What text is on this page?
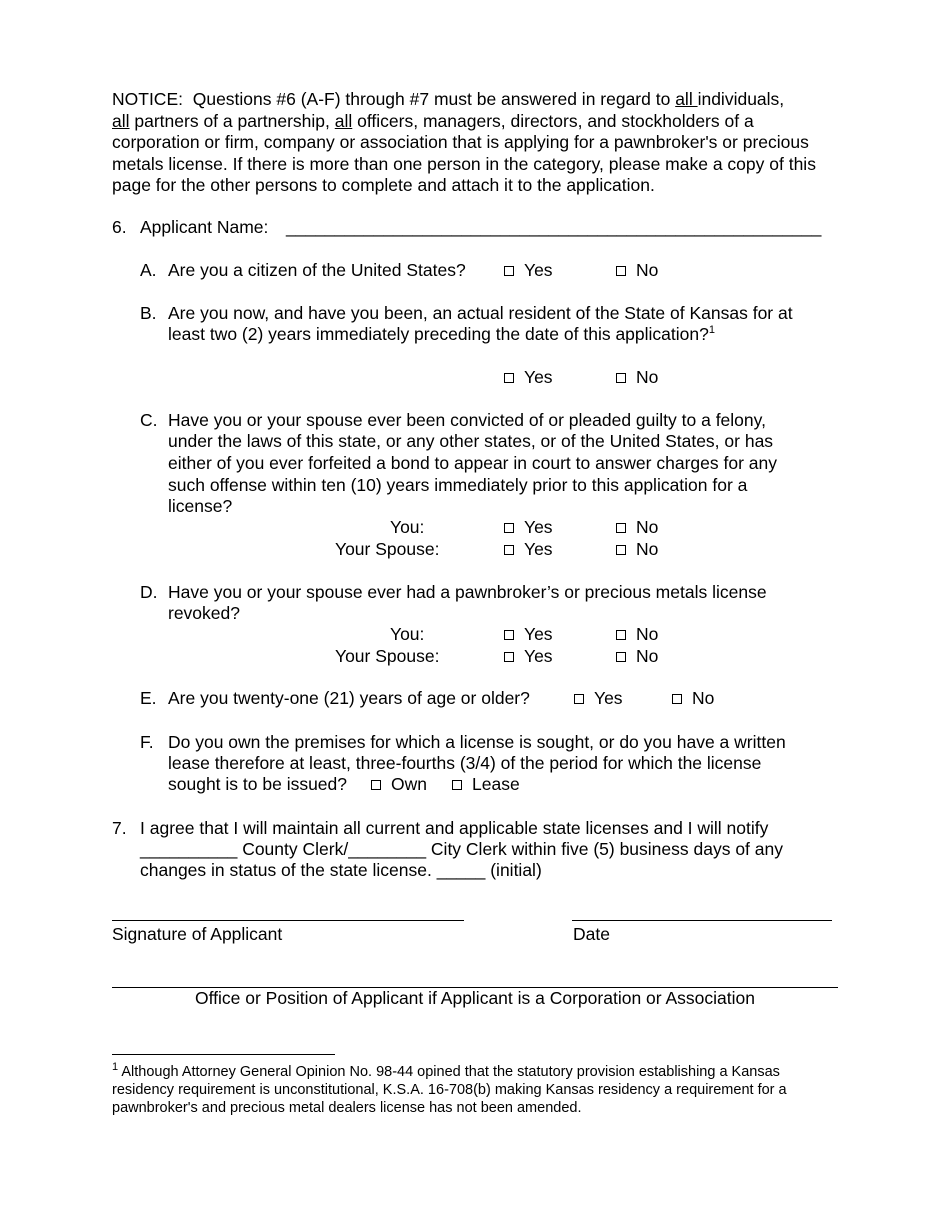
NOTICE: Questions #6 (A-F) through #7 must be answered in regard to all individuals,
all partners of a partnership, all officers, managers, directors, and stockholders of a
corporation or firm, company or association that is applying for a pawnbroker's or precious metals license. If there is more than one person in the category, please make a copy of this page for the other persons to complete and attach it to the application.
6. Applicant Name: _______________________________________________________
A. Are you a citizen of the United States?	Yes	No
B. Are you now, and have you been, an actual resident of the State of Kansas for at
least two (2) years immediately preceding the date of this application?$^1$
Yes	No
C. Have you or your spouse ever been convicted of or pleaded guilty to a felony,
under the laws of this state, or any other states, or of the United States, or has
either of you ever forfeited a bond to appear in court to answer charges for any
such offense within ten (10) years immediately prior to this application for a
license?
You:	Yes	No
Your Spouse:	Yes	No
D. Have you or your spouse ever had a pawnbroker’s or precious metals license
revoked?
You:	Yes	No
Your Spouse:	Yes	No
E. Are you twenty-one (21) years of age or older?	Yes	No
F. Do you own the premises for which a license is sought, or do you have a written
lease therefore at least, three-fourths (3/4) of the period for which the license
sought is to be issued?	Own	Lease
7. I agree that I will maintain all current and applicable state licenses and I will notify
__________ County Clerk/________ City Clerk within five (5) business days of any
changes in status of the state license. _____ (initial)
Signature of Applicant	Date
Office or Position of Applicant if Applicant is a Corporation or Association
$^1$ Although Attorney General Opinion No. 98-44 opined that the statutory provision establishing a Kansas residency requirement is unconstitutional, K.S.A. 16-708(b) making Kansas residency a requirement for a pawnbroker's and precious metal dealers license has not been amended.
